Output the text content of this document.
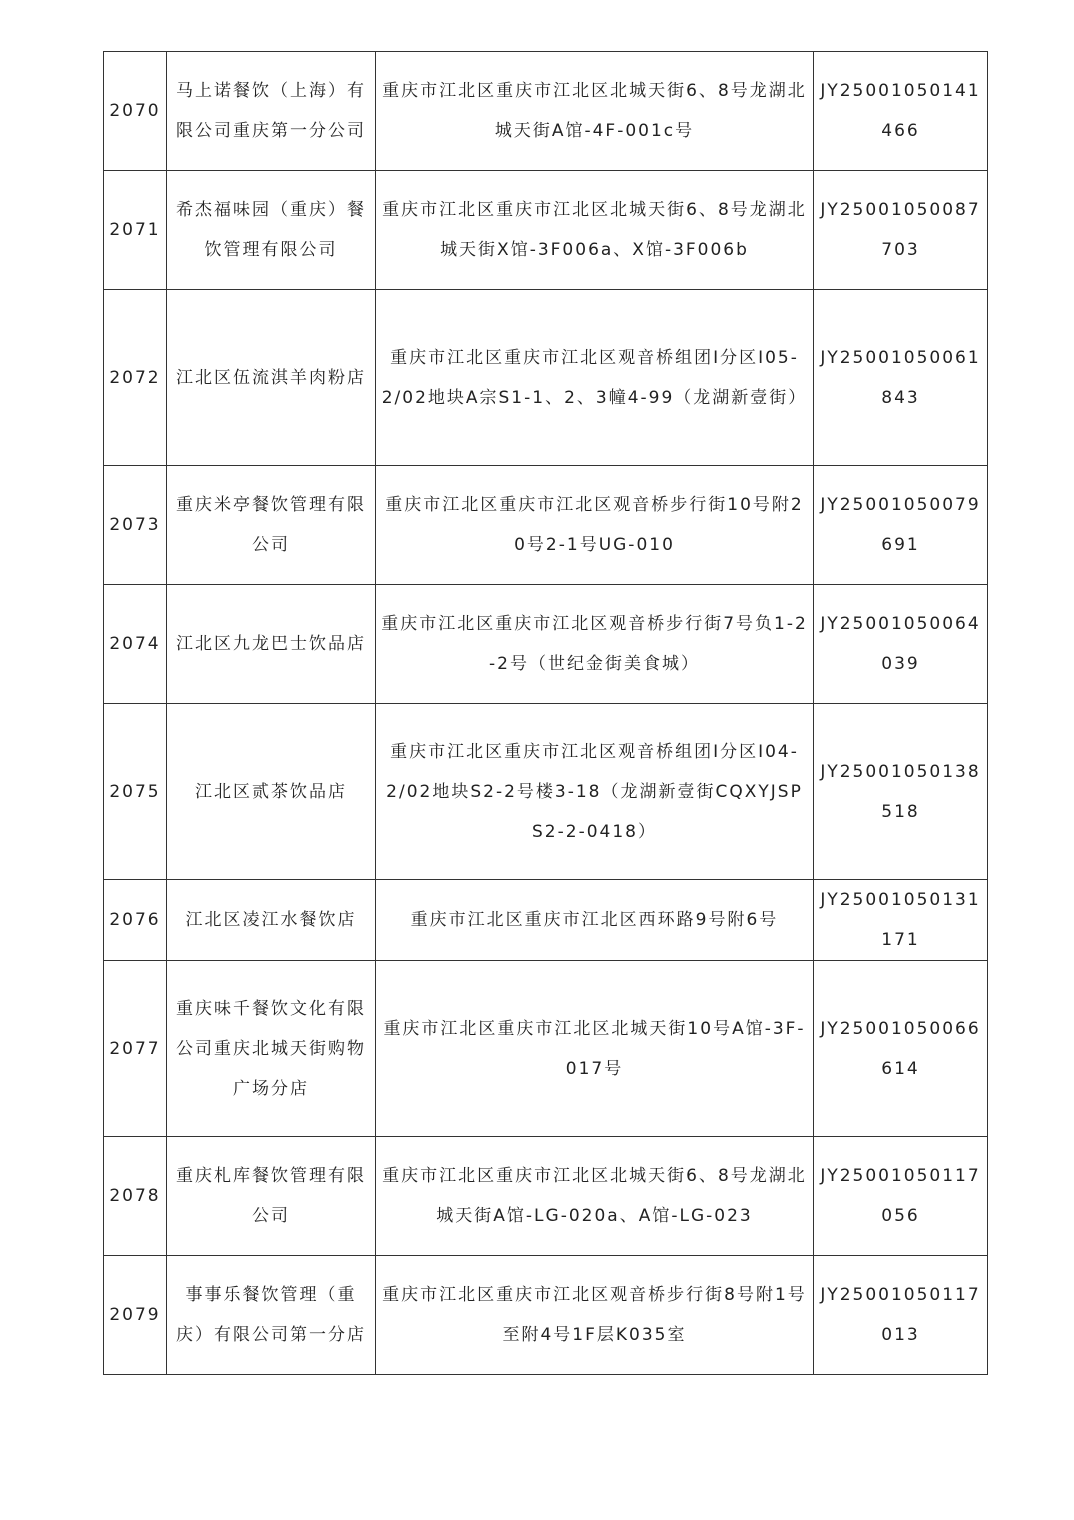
2070	马上诺餐饮（上海）有限公司重庆第一分公司	重庆市江北区重庆市江北区北城天街6、8号龙湖北城天街A馆-4F-001c号	JY25001050141466
2071	希杰福味园（重庆）餐饮管理有限公司	重庆市江北区重庆市江北区北城天街6、8号龙湖北城天街X馆-3F006a、X馆-3F006b	JY25001050087703
2072	江北区伍流淇羊肉粉店	重庆市江北区重庆市江北区观音桥组团I分区I05-2/02地块A宗S1-1、2、3幢4-99（龙湖新壹街）	JY25001050061843
2073	重庆米亭餐饮管理有限公司	重庆市江北区重庆市江北区观音桥步行街10号附20号2-1号UG-010	JY25001050079691
2074	江北区九龙巴士饮品店	重庆市江北区重庆市江北区观音桥步行街7号负1-2-2号（世纪金街美食城）	JY25001050064039
2075	江北区贰茶饮品店	重庆市江北区重庆市江北区观音桥组团Ⅰ分区Ⅰ04-2/02地块S2-2号楼3-18（龙湖新壹街CQXYJSPS2-2-0418）	JY25001050138518
2076	江北区凌江水餐饮店	重庆市江北区重庆市江北区西环路9号附6号	JY25001050131171
2077	重庆味千餐饮文化有限公司重庆北城天街购物广场分店	重庆市江北区重庆市江北区北城天街10号A馆-3F-017号	JY25001050066614
2078	重庆札库餐饮管理有限公司	重庆市江北区重庆市江北区北城天街6、8号龙湖北城天街A馆-LG-020a、A馆-LG-023	JY25001050117056
2079	事事乐餐饮管理（重庆）有限公司第一分店	重庆市江北区重庆市江北区观音桥步行街8号附1号至附4号1F层K035室	JY25001050117013
